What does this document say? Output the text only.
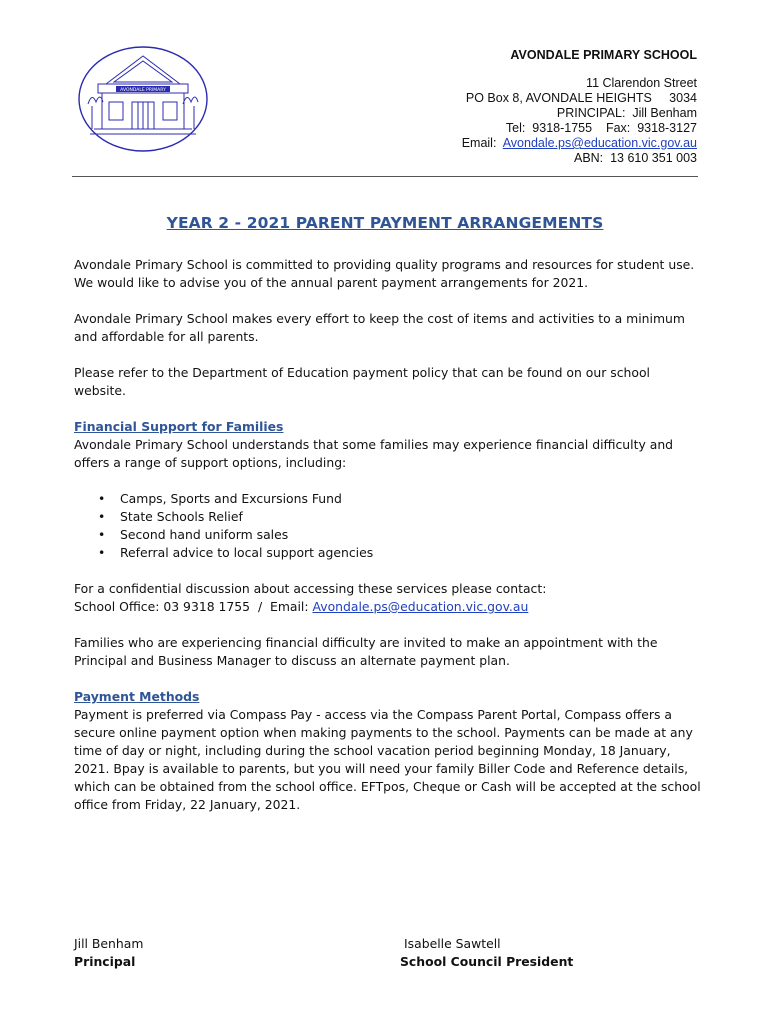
AVONDALE PRIMARY
AVONDALE PRIMARY SCHOOL
11 Clarendon Street
PO Box 8, AVONDALE HEIGHTS     3034
PRINCIPAL:  Jill Benham
Tel:  9318-1755    Fax:  9318-3127
Email:  Avondale.ps@education.vic.gov.au
ABN:  13 610 351 003
YEAR 2 - 2021 PARENT PAYMENT ARRANGEMENTS

Avondale Primary School is committed to providing quality programs and resources for student use. We would like to advise you of the annual parent payment arrangements for 2021.

Avondale Primary School makes every effort to keep the cost of items and activities to a minimum and affordable for all parents.

Please refer to the Department of Education payment policy that can be found on our school website.

Financial Support for Families

Avondale Primary School understands that some families may experience financial difficulty and offers a range of support options, including:

• Camps, Sports and Excursions Fund
• State Schools Relief
• Second hand uniform sales
• Referral advice to local support agencies

For a confidential discussion about accessing these services please contact:
School Office: 03 9318 1755  /  Email: Avondale.ps@education.vic.gov.au

Families who are experiencing financial difficulty are invited to make an appointment with the Principal and Business Manager to discuss an alternate payment plan.

Payment Methods

Payment is preferred via Compass Pay - access via the Compass Parent Portal, Compass offers a secure online payment option when making payments to the school. Payments can be made at any time of day or night, including during the school vacation period beginning Monday, 18 January, 2021. Bpay is available to parents, but you will need your family Biller Code and Reference details, which can be obtained from the school office. EFTpos, Cheque or Cash will be accepted at the school office from Friday, 22 January, 2021.

Jill Benham
Principal
Isabelle Sawtell
School Council President
